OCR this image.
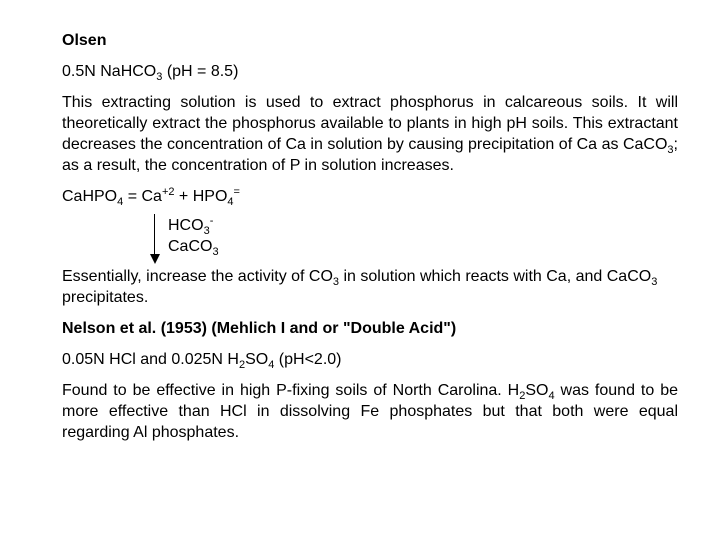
Olsen

0.5N NaHCO$_3$ (pH = 8.5)

This extracting solution is used to extract phosphorus in calcareous soils. It will theoretically extract the phosphorus available to plants in high pH soils. This extractant decreases the concentration of Ca in solution by causing precipitation of Ca as CaCO$_3$; as a result, the concentration of P in solution increases.

CaHPO$_4$ = $Ca^{+2} + HPO_4^=$
$HCO_3^-$
CaCO$_3$

Essentially, increase the activity of $CO_3$ in solution which reacts with Ca, and CaCO$_3$ precipitates.

Nelson et al. (1953) (Mehlich I and or "Double Acid")

0.05N HCl and 0.025N $H_2SO_4$ (pH<2.0)

Found to be effective in high P-fixing soils of North Carolina. $H_2SO_4$ was found to be more effective than HCl in dissolving Fe phosphates but that both were equal regarding Al phosphates.
